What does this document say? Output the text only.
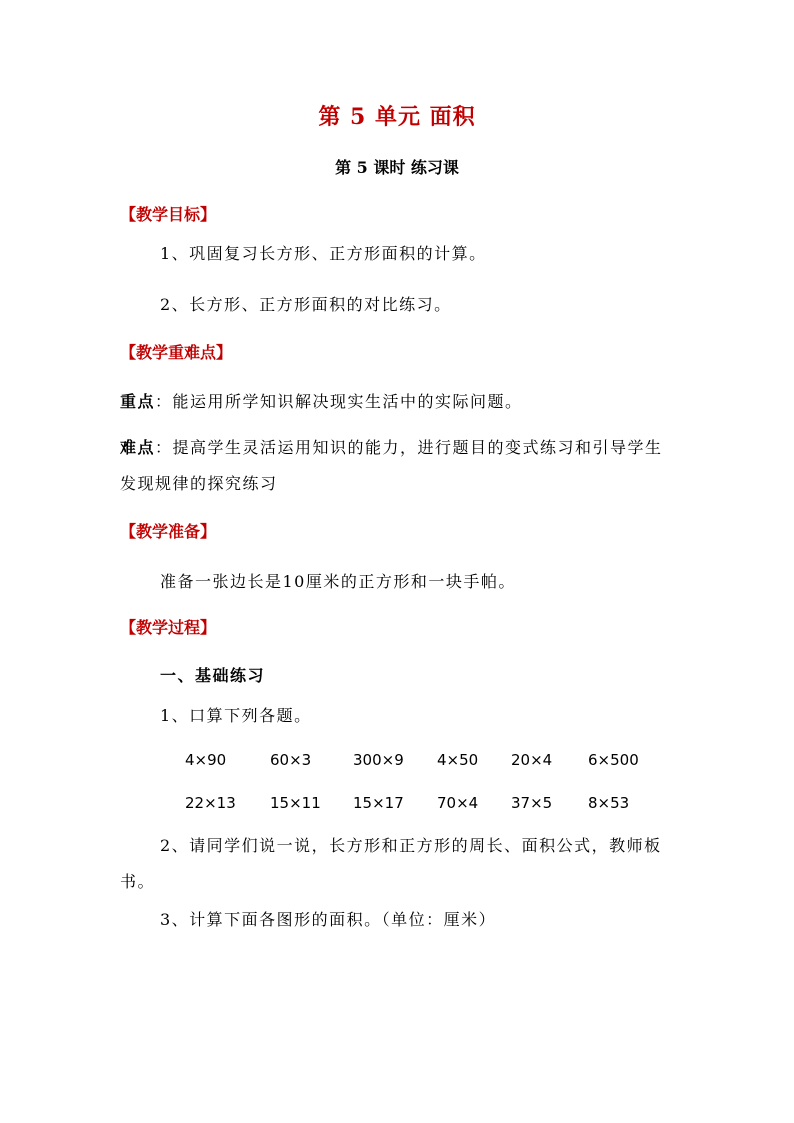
第 5 单元 面积
第 5 课时 练习课
【教学目标】
1、巩固复习长方形、正方形面积的计算。
2、长方形、正方形面积的对比练习。
【教学重难点】
重点：能运用所学知识解决现实生活中的实际问题。
难点：提高学生灵活运用知识的能力，进行题目的变式练习和引导学生发现规律的探究练习
【教学准备】
准备一张边长是10厘米的正方形和一块手帕。
【教学过程】
一、基础练习
1、口算下列各题。
4×90	60×3	300×9 4×50 20×4 6×500
22×13 15×11 15×17 70×4 37×5 8×53
2、请同学们说一说，长方形和正方形的周长、面积公式，教师板书。
3、计算下面各图形的面积。（单位：厘米）
